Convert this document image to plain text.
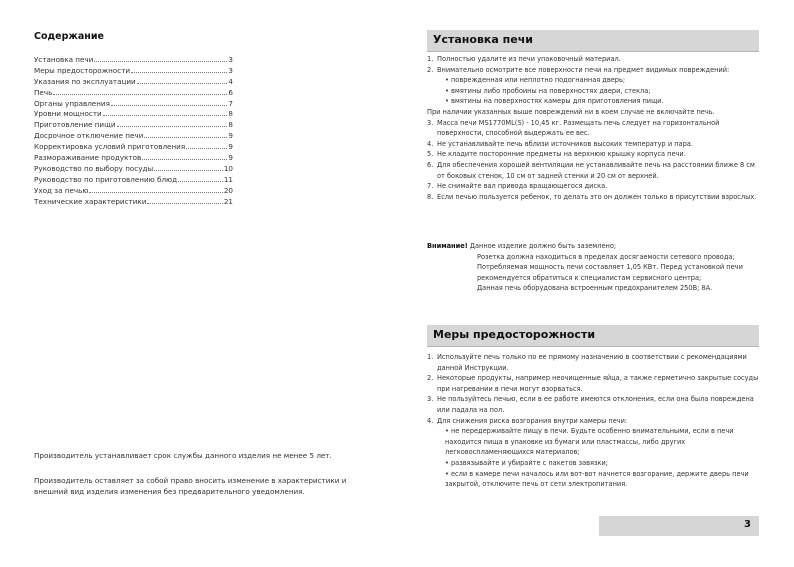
Содержание
Установка печи	3
Меры предосторожности	3
Указания по эксплуатации	4
Печь	6
Органы управления	7
Уровни мощности	8
Приготовление пищи	8
Досрочное отключение печи	9
Корректировка условий приготовления	9
Размораживание продуктов	9
Руководство по выбору посуды	10
Руководство по приготовлению блюд	11
Уход за печью	20
Технические характеристики	21
Производитель устанавливает срок службы данного изделия не менее 5 лет.
Производитель оставляет за собой право вносить изменение в характеристики и внешний вид изделия изменения без предварительного уведомления.
Установка печи
1. Полностью удалите из печи упаковочный материал.
2. Внимательно осмотрите все поверхности печи на предмет видимых повреждений:
• поврежденная или неплотно подогнанная дверь;
• вмятины либо пробоины на поверхностях двери, стекла;
• вмятины на поверхностях камеры для приготовления пищи.
При наличии указанных выше повреждений ни в коем случае не включайте печь.
3. Масса печи MS1770ML(S) - 10,45 кг. Размещать печь следует на горизонтальной поверхности, способной выдержать ее вес.
4. Не устанавливайте печь вблизи источников высоких температур и пара.
5. Не кладите посторонние предметы на верхнюю крышку корпуса печи.
6. Для обеспечения хорошей вентиляции не устанавливайте печь на расстоянии ближе 8 см от боковых стенок, 10 см от задней стенки и 20 см от верхней.
7. Не снимайте вал привода вращающегося диска.
8. Если печью пользуется ребенок, то делать это он должен только в присутствии взрослых.
Внимание! Данное изделие должно быть заземлено;
Розетка должна находиться в пределах досягаемости сетевого провода;
Потребляемая мощность печи составляет 1,05 КВт. Перед установкой печи рекомендуется обратиться к специалистам сервисного центра;
Данная печь оборудована встроенным предохранителем 250В; 8А.
Меры предосторожности
1. Используйте печь только по ее прямому назначению в соответствии с рекомендациями данной Инструкции.
2. Некоторые продукты, например неочищенные яйца, а также герметично закрытые сосуды при нагревании в печи могут взорваться.
3. Не пользуйтесь печью, если в ее работе имеются отклонения, если она была повреждена или падала на пол.
4. Для снижения риска возгорания внутри камеры печи:
• не передерживайте пищу в печи. Будьте особенно внимательными, если в печи находится пища в упаковке из бумаги или пластмассы, либо других легковоспламеняющихся материалов;
• развязывайте и убирайте с пакетов завязки;
• если в камере печи началось или вот-вот начнется возгорание, держите дверь печи закрытой, отключите печь от сети электропитания.
3
